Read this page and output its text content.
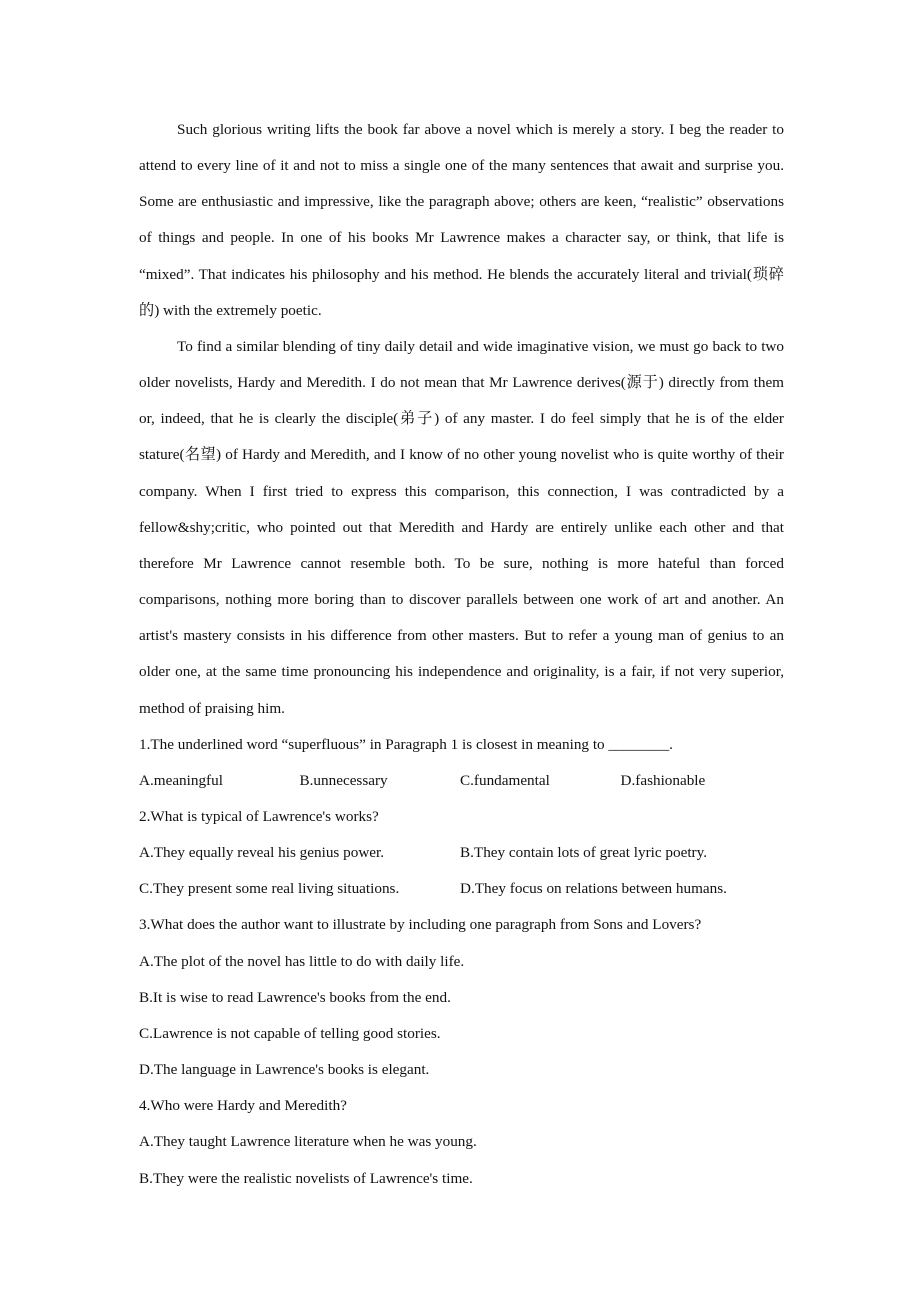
Such glorious writing lifts the book far above a novel which is merely a story. I beg the reader to attend to every line of it and not to miss a single one of the many sentences that await and surprise you. Some are enthusiastic and impressive, like the paragraph above; others are keen, “realistic” observations of things and people. In one of his books Mr Lawrence makes a character say, or think, that life is “mixed”. That indicates his philosophy and his method. He blends the accurately literal and trivial(琐碎的) with the extremely poetic.

To find a similar blending of tiny daily detail and wide imaginative vision, we must go back to two older novelists, Hardy and Meredith. I do not mean that Mr Lawrence derives(源于) directly from them or, indeed, that he is clearly the disciple(弟子) of any master. I do feel simply that he is of the elder stature(名望) of Hardy and Meredith, and I know of no other young novelist who is quite worthy of their company. When I first tried to express this comparison, this connection, I was contradicted by a fellow&shy;critic, who pointed out that Meredith and Hardy are entirely unlike each other and that therefore Mr Lawrence cannot resemble both. To be sure, nothing is more hateful than forced comparisons, nothing more boring than to discover parallels between one work of art and another. An artist's mastery consists in his difference from other masters. But to refer a young man of genius to an older one, at the same time pronouncing his independence and originality, is a fair, if not very superior, method of praising him.

1.The underlined word “superfluous” in Paragraph 1 is closest in meaning to ________.

A.meaningful	B.unnecessary	C.fundamental	D.fashionable

2.What is typical of Lawrence's works?

A.They equally reveal his genius power.	B.They contain lots of great lyric poetry.
C.They present some real living situations.	D.They focus on relations between humans.

3.What does the author want to illustrate by including one paragraph from Sons and Lovers?

A.The plot of the novel has little to do with daily life.

B.It is wise to read Lawrence's books from the end.

C.Lawrence is not capable of telling good stories.

D.The language in Lawrence's books is elegant.

4.Who were Hardy and Meredith?

A.They taught Lawrence literature when he was young.

B.They were the realistic novelists of Lawrence's time.
